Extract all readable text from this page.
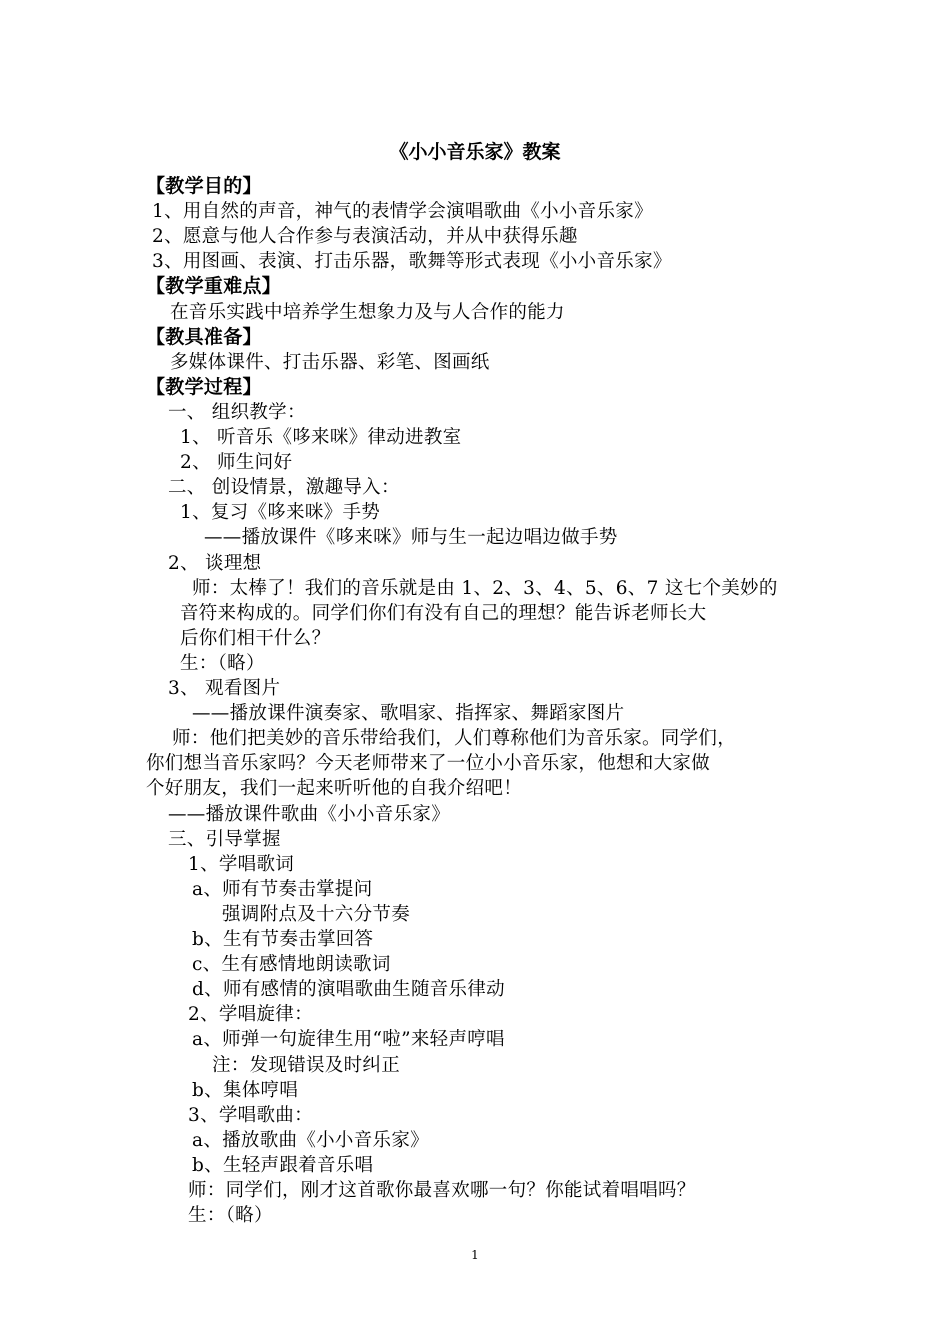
《小小音乐家》教案
【教学目的】
1、用自然的声音，神气的表情学会演唱歌曲《小小音乐家》
2、愿意与他人合作参与表演活动，并从中获得乐趣
3、用图画、表演、打击乐器，歌舞等形式表现《小小音乐家》
【教学重难点】
在音乐实践中培养学生想象力及与人合作的能力
【教具准备】
多媒体课件、打击乐器、彩笔、图画纸
【教学过程】
一、 组织教学：
1、 听音乐《哆来咪》律动进教室
2、 师生问好
二、 创设情景，激趣导入：
1、复习《哆来咪》手势
——播放课件《哆来咪》师与生一起边唱边做手势
2、 谈理想
师：太棒了！我们的音乐就是由 1、2、3、4、5、6、7 这七个美妙的
音符来构成的。同学们你们有没有自己的理想？能告诉老师长大
后你们相干什么？
生：（略）
3、 观看图片
——播放课件演奏家、歌唱家、指挥家、舞蹈家图片
师：他们把美妙的音乐带给我们，人们尊称他们为音乐家。同学们，
你们想当音乐家吗？今天老师带来了一位小小音乐家，他想和大家做
个好朋友，我们一起来听听他的自我介绍吧！
——播放课件歌曲《小小音乐家》
三、引导掌握
1、学唱歌词
a、师有节奏击掌提问
强调附点及十六分节奏
b、生有节奏击掌回答
c、生有感情地朗读歌词
d、师有感情的演唱歌曲生随音乐律动
2、学唱旋律：
a、师弹一句旋律生用“啦”来轻声哼唱
注：发现错误及时纠正
b、集体哼唱
3、学唱歌曲：
a、播放歌曲《小小音乐家》
b、生轻声跟着音乐唱
师：同学们，刚才这首歌你最喜欢哪一句？你能试着唱唱吗？
生：（略）
1
